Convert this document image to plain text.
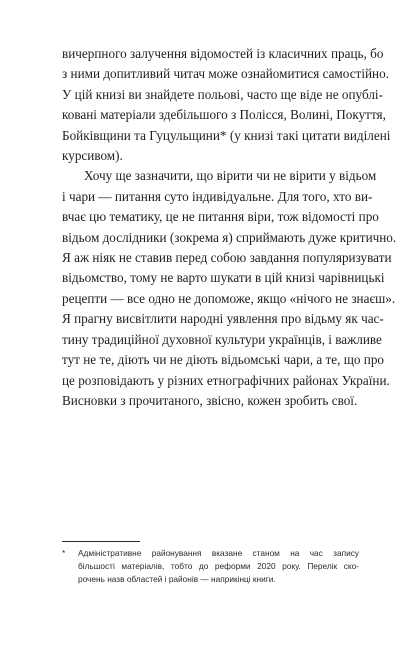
вичерпного залучення відомостей із класичних праць, бо
з ними допитливий читач може ознайомитися самостійно.
У цій книзі ви знайдете польові, часто ще віде не опублі-
ковані матеріали здебільшого з Полісся, Волині, Покуття,
Бойківщини та Гуцульщини* (у книзі такі цитати виділені
курсивом).
Хочу ще зазначити, що вірити чи не вірити у відьом
і чари — питання суто індивідуальне. Для того, хто ви-
вчає цю тематику, це не питання віри, тож відомості про
відьом дослідники (зокрема я) сприймають дуже критично.
Я аж ніяк не ставив перед собою завдання популяризувати
відьомство, тому не варто шукати в цій книзі чарівницькі
рецепти — все одно не допоможе, якщо «нічого не знаєш».
Я прагну висвітлити народні уявлення про відьму як час-
тину традиційної духовної культури українців, і важливе
тут не те, діють чи не діють відьомські чари, а те, що про
це розповідають у різних етнографічних районах України.
Висновки з прочитаного, звісно, кожен зробить свої.
* Адміністративне районування вказане станом на час запису
більшості матеріалів, тобто до реформи 2020 року. Перелік ско-
рочень назв областей і районів — наприкінці книги.
